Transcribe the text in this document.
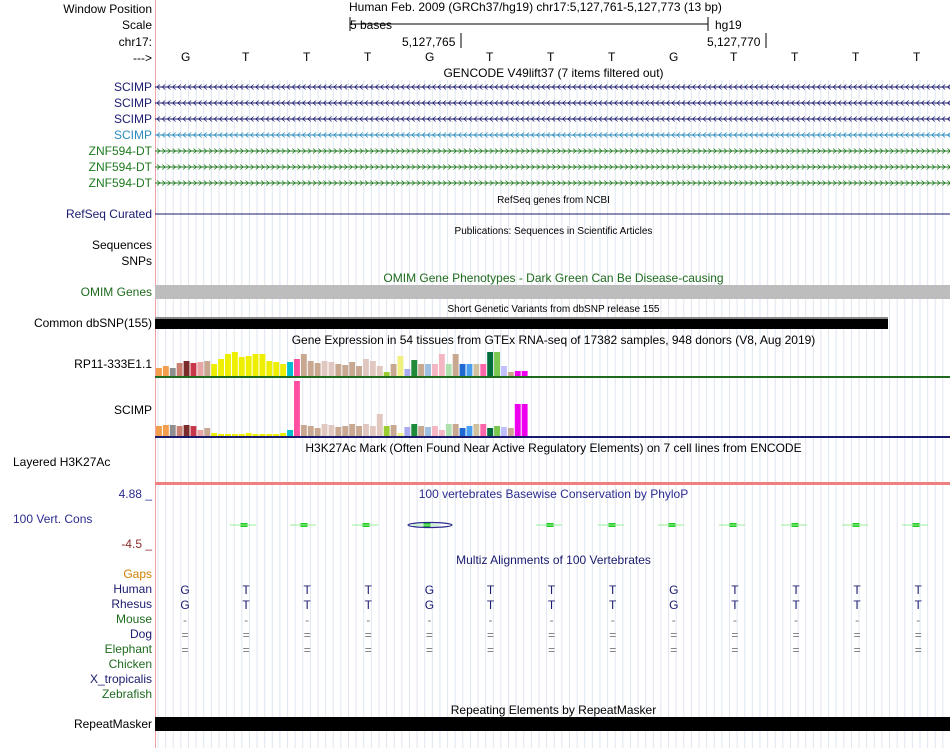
Window Position
Scale
chr17:
--->
SCIMP
SCIMP
SCIMP
SCIMP
ZNF594-DT
ZNF594-DT
ZNF594-DT
RefSeq Curated
Sequences
SNPs
OMIM Genes
Common dbSNP(155)
RP11-333E1.1
SCIMP
Layered H3K27Ac
4.88 _
100 Vert. Cons
-4.5 _
Gaps
Human
Rhesus
Mouse
Dog
Elephant
Chicken
X_tropicalis
Zebrafish
RepeatMasker
G	T	T	T	G	T	T	T	G	T	T	T	T
G	T	T	T	G	T	T	T	G	T	T	T	T
-	-	-	-	-	-	-	-	-	-	-	-	-
=	=	=	=	=	=	=	=	=	=	=	=	=
=	=	=	=	=	=	=	=	=	=	=	=	=
Human Feb. 2009 (GRCh37/hg19) chr17:5,127,761-5,127,773 (13 bp)
5 bases	hg19
5,127,765	5,127,770
G	T	T	T	G	T	T	T	G	T	T	T	T
GENCODE V49lift37 (7 items filtered out)
RefSeq genes from NCBI
Publications: Sequences in Scientific Articles
OMIM Gene Phenotypes - Dark Green Can Be Disease-causing
Short Genetic Variants from dbSNP release 155
Gene Expression in 54 tissues from GTEx RNA-seq of 17382 samples, 948 donors (V8, Aug 2019)
H3K27Ac Mark (Often Found Near Active Regulatory Elements) on 7 cell lines from ENCODE
100 vertebrates Basewise Conservation by PhyloP
Multiz Alignments of 100 Vertebrates
Repeating Elements by RepeatMasker
